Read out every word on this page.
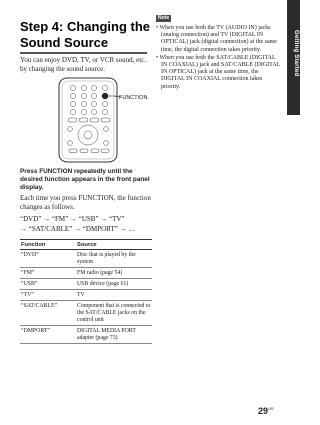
Getting Started
Step 4: Changing the Sound Source

You can enjoy DVD, TV, or VCR sound, etc. by changing the sound source.

FUNCTION

Press FUNCTION repeatedly until the desired function appears in the front panel display.

Each time you press FUNCTION, the function changes as follows.

“DVD” → “FM” → “USB” → “TV”
→ “SAT/CABLE” → “DMPORT” → …

Function	Source
“DVD”	Disc that is played by the system
“FM”	FM radio (page 54)
“USB”	USB device (page 61)
“TV”	TV
“SAT/CABLE”	Component that is connected to the SAT/CABLE jacks on the control unit
“DMPORT”	DIGITAL MEDIA PORT adapter (page 73)
Note

• When you use both the TV (AUDIO IN) jacks (analog connection) and TV (DIGITAL IN OPTICAL) jack (digital connection) at the same time, the digital connection takes priority.

• When you use both the SAT/CABLE (DIGITAL IN COAXIAL) jack and SAT/CABLE (DIGITAL IN OPTICAL) jack at the same time, the DIGITAL IN COAXIAL connection takes priority.

$29^{US}$
